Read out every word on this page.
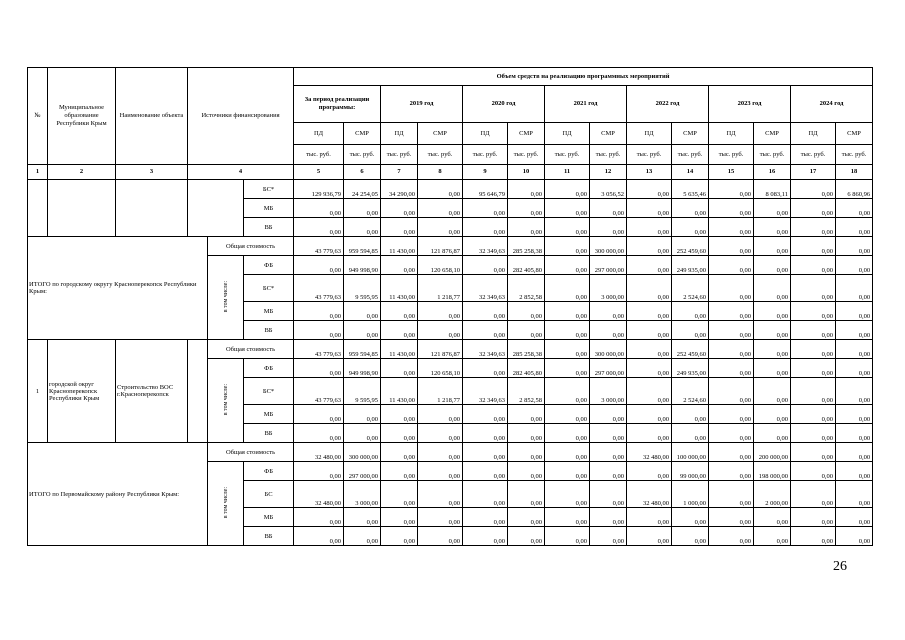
№	Муниципальное образование Республики Крым	Наименование объекта	Источники финансирования			Объем средств на реализацию программных мероприятий													
						За период реализации программы:		2019 год		2020 год		2021 год		2022 год		2023 год		2024 год	
						ПД	СМР	ПД	СМР	ПД	СМР	ПД	СМР	ПД	СМР	ПД	СМР	ПД	СМР
						тыс. руб.	тыс. руб.	тыс. руб.	тыс. руб.	тыс. руб.	тыс. руб.	тыс. руб.	тыс. руб.	тыс. руб.	тыс. руб.	тыс. руб.	тыс. руб.	тыс. руб.	тыс. руб.
1	2	3	4			5	6	7	8	9	10	11	12	13	14	15	16	17	18
					БС*	129 936,79	24 254,05	34 290,00	0,00	95 646,79	0,00	0,00	3 056,52	0,00	5 635,46	0,00	8 083,11	0,00	6 860,96
					МБ	0,00	0,00	0,00	0,00	0,00	0,00	0,00	0,00	0,00	0,00	0,00	0,00	0,00	0,00
					ВБ	0,00	0,00	0,00	0,00	0,00	0,00	0,00	0,00	0,00	0,00	0,00	0,00	0,00	0,00
ИТОГО по городскому округу Красноперекопск Республики Крым:				Общая стоимость		43 779,63	959 594,85	11 430,00	121 876,87	32 349,63	285 258,38	0,00	300 000,00	0,00	252 459,60	0,00	0,00	0,00	0,00
				в том числе:	ФБ	0,00	949 998,90	0,00	120 658,10	0,00	282 405,80	0,00	297 000,00	0,00	249 935,00	0,00	0,00	0,00	0,00
					БС*	43 779,63	9 595,95	11 430,00	1 218,77	32 349,63	2 852,58	0,00	3 000,00	0,00	2 524,60	0,00	0,00	0,00	0,00
					МБ	0,00	0,00	0,00	0,00	0,00	0,00	0,00	0,00	0,00	0,00	0,00	0,00	0,00	0,00
					ВБ	0,00	0,00	0,00	0,00	0,00	0,00	0,00	0,00	0,00	0,00	0,00	0,00	0,00	0,00
1	городской округ Красноперекопск Республики Крым	Строительство ВОС г.Красноперекопск		Общая стоимость		43 779,63	959 594,85	11 430,00	121 876,87	32 349,63	285 258,38	0,00	300 000,00	0,00	252 459,60	0,00	0,00	0,00	0,00
				в том числе:	ФБ	0,00	949 998,90	0,00	120 658,10	0,00	282 405,80	0,00	297 000,00	0,00	249 935,00	0,00	0,00	0,00	0,00
					БС*	43 779,63	9 595,95	11 430,00	1 218,77	32 349,63	2 852,58	0,00	3 000,00	0,00	2 524,60	0,00	0,00	0,00	0,00
					МБ	0,00	0,00	0,00	0,00	0,00	0,00	0,00	0,00	0,00	0,00	0,00	0,00	0,00	0,00
					ВБ	0,00	0,00	0,00	0,00	0,00	0,00	0,00	0,00	0,00	0,00	0,00	0,00	0,00	0,00
ИТОГО по Первомайскому району Республики Крым:				Общая стоимость		32 480,00	300 000,00	0,00	0,00	0,00	0,00	0,00	0,00	32 480,00	100 000,00	0,00	200 000,00	0,00	0,00
				в том числе:	ФБ	0,00	297 000,00	0,00	0,00	0,00	0,00	0,00	0,00	0,00	99 000,00	0,00	198 000,00	0,00	0,00
					БС	32 480,00	3 000,00	0,00	0,00	0,00	0,00	0,00	0,00	32 480,00	1 000,00	0,00	2 000,00	0,00	0,00
					МБ	0,00	0,00	0,00	0,00	0,00	0,00	0,00	0,00	0,00	0,00	0,00	0,00	0,00	0,00
					ВБ	0,00	0,00	0,00	0,00	0,00	0,00	0,00	0,00	0,00	0,00	0,00	0,00	0,00	0,00
26
